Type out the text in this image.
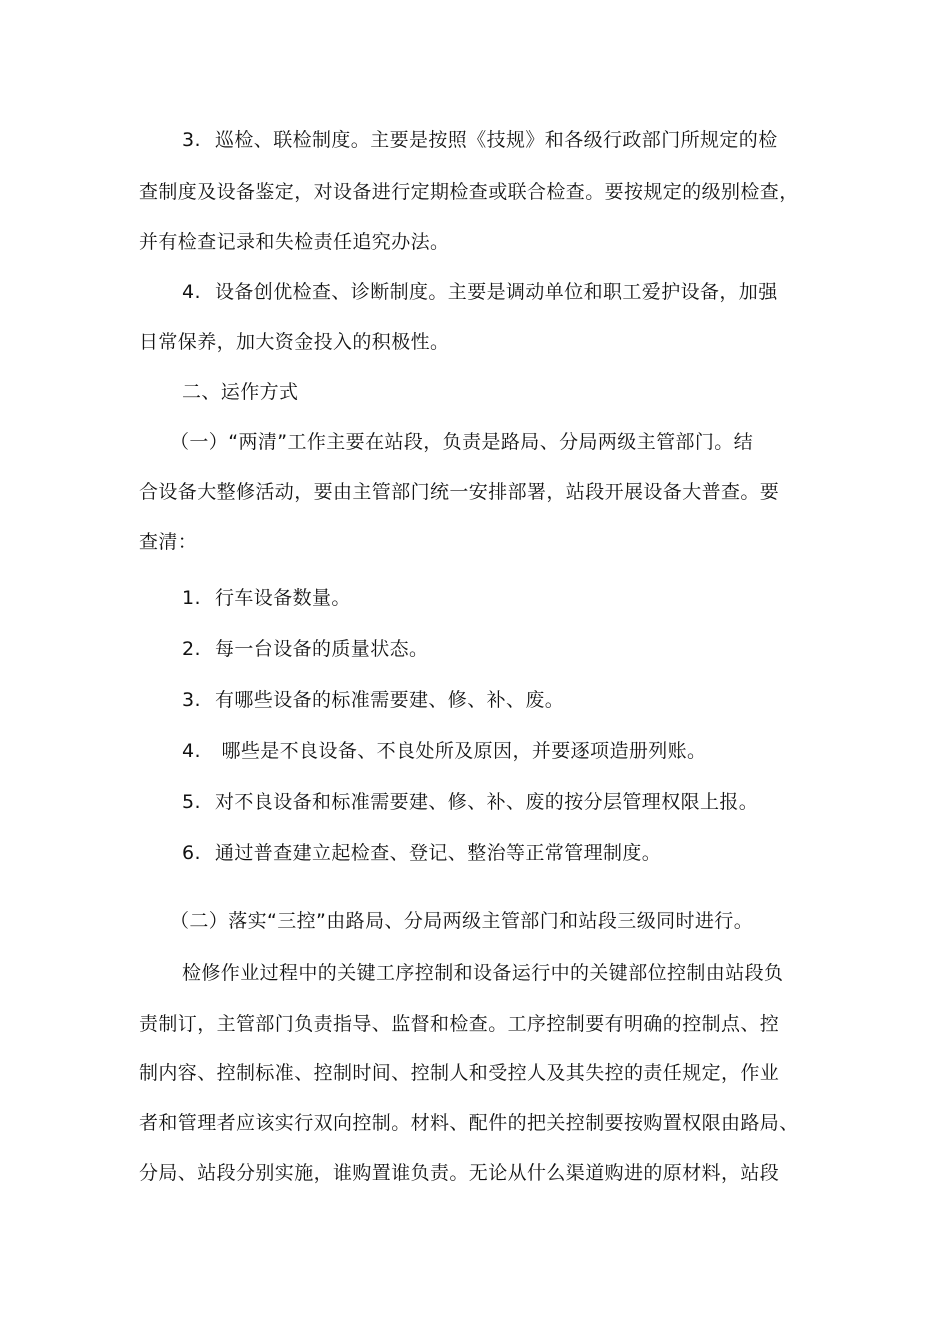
3. 巡检、联检制度。主要是按照《技规》和各级行政部门所规定的检
查制度及设备鉴定，对设备进行定期检查或联合检查。要按规定的级别检查，
并有检查记录和失检责任追究办法。
4. 设备创优检查、诊断制度。主要是调动单位和职工爱护设备，加强
日常保养，加大资金投入的积极性。
二、运作方式
（一）“两清”工作主要在站段，负责是路局、分局两级主管部门。结
合设备大整修活动，要由主管部门统一安排部署，站段开展设备大普查。要
查清：
1. 行车设备数量。
2. 每一台设备的质量状态。
3. 有哪些设备的标准需要建、修、补、废。
4. 哪些是不良设备、不良处所及原因，并要逐项造册列账。
5. 对不良设备和标准需要建、修、补、废的按分层管理权限上报。
6. 通过普查建立起检查、登记、整治等正常管理制度。
（二）落实“三控”由路局、分局两级主管部门和站段三级同时进行。
检修作业过程中的关键工序控制和设备运行中的关键部位控制由站段负
责制订，主管部门负责指导、监督和检查。工序控制要有明确的控制点、控
制内容、控制标准、控制时间、控制人和受控人及其失控的责任规定，作业
者和管理者应该实行双向控制。材料、配件的把关控制要按购置权限由路局、
分局、站段分别实施，谁购置谁负责。无论从什么渠道购进的原材料，站段
